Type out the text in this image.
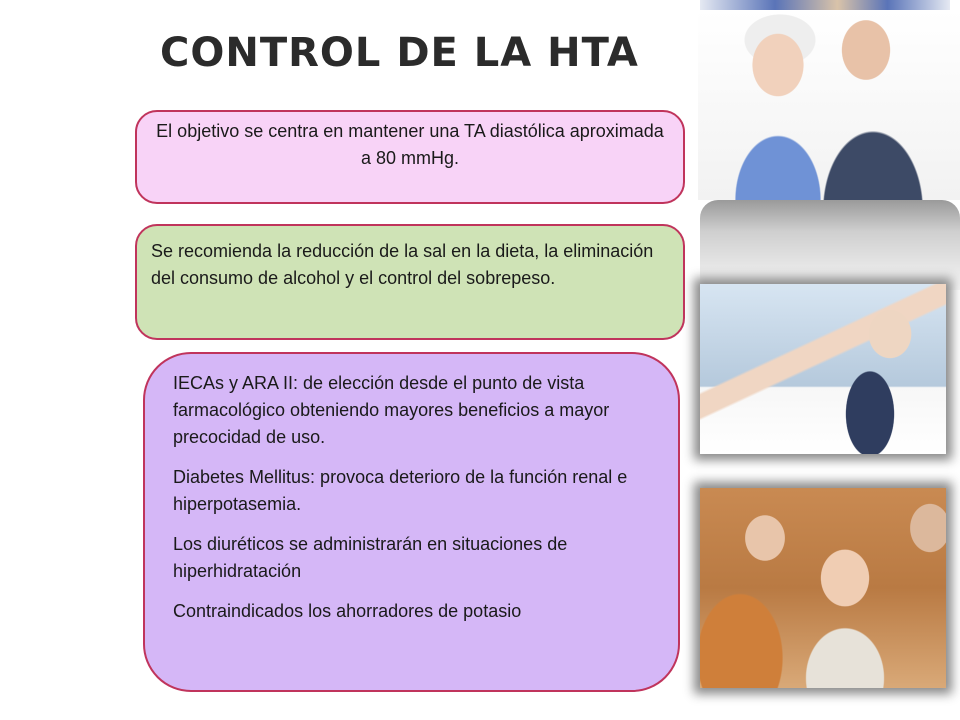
CONTROL DE LA HTA
El objetivo se centra en mantener una TA diastólica aproximada a 80 mmHg.
Se recomienda la reducción de la sal en la dieta, la eliminación del consumo de alcohol y el control del sobrepeso.

IECAs y ARA II: de elección desde el punto de vista farmacológico obteniendo mayores beneficios a mayor precocidad de uso.

Diabetes Mellitus: provoca deterioro de la función renal e hiperpotasemia.

Los diuréticos se administrarán en situaciones de hiperhidratación

Contraindicados los ahorradores de potasio
